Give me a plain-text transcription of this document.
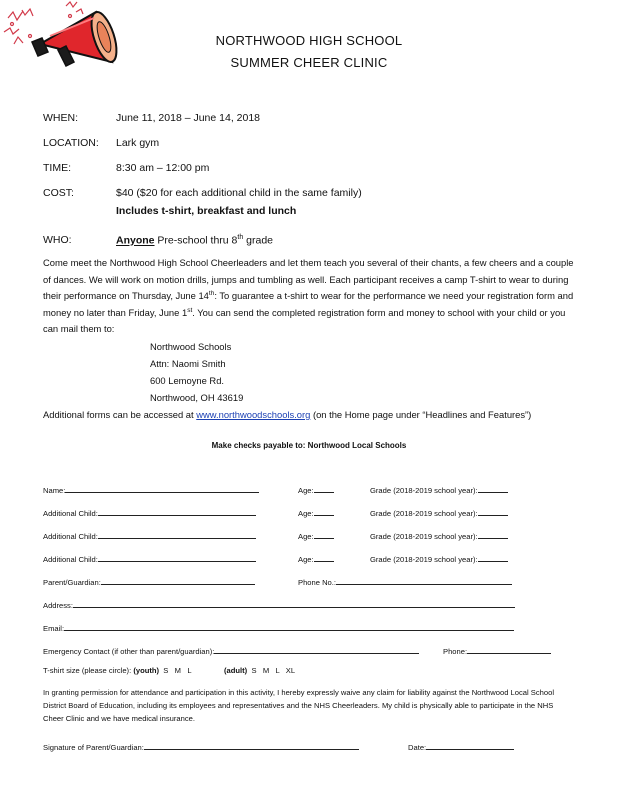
NORTHWOOD HIGH SCHOOL
SUMMER CHEER CLINIC
WHEN:	June 11, 2018 – June 14, 2018
LOCATION: Lark gym
TIME:	8:30 am – 12:00 pm
COST:	$40 ($20 for each additional child in the same family)
Includes t-shirt, breakfast and lunch
WHO:	Anyone Pre-school thru 8th grade
Come meet the Northwood High School Cheerleaders and let them teach you several of their chants, a few cheers and a couple of dances. We will work on motion drills, jumps and tumbling as well. Each participant receives a camp T-shirt to wear to during their performance on Thursday, June 14th: To guarantee a t-shirt to wear for the performance we need your registration form and money no later than Friday, June 1st. You can send the completed registration form and money to school with your child or you can mail them to:
Northwood Schools
Attn: Naomi Smith
600 Lemoyne Rd.
Northwood, OH 43619
Additional forms can be accessed at www.northwoodschools.org (on the Home page under “Headlines and Features”)
Make checks payable to: Northwood Local Schools
Name:	Age:	Grade (2018-2019 school year):
Additional Child:	Age:	Grade (2018-2019 school year):
Additional Child:	Age:	Grade (2018-2019 school year):
Additional Child:	Age:	Grade (2018-2019 school year):
Parent/Guardian:	Phone No.:
Address:
Email:
Emergency Contact (if other than parent/guardian):	Phone:
T-shirt size (please circle): (youth) S   M   L	(adult) S   M   L   XL
In granting permission for attendance and participation in this activity, I hereby expressly waive any claim for liability against the Northwood Local School District Board of Education, including its employees and representatives and the NHS Cheerleaders. My child is physically able to participate in the NHS Cheer Clinic and we have medical insurance.
Signature of Parent/Guardian:	Date:
